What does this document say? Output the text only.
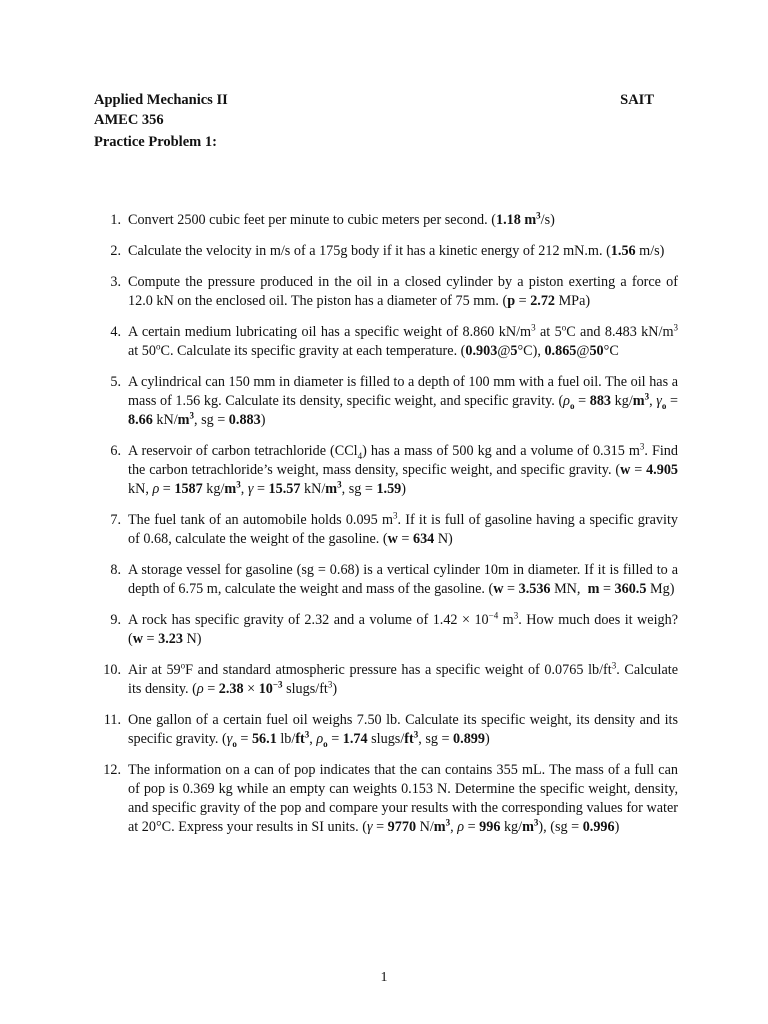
Applied Mechanics II	SAIT
AMEC 356
Practice Problem 1:
1. Convert 2500 cubic feet per minute to cubic meters per second. (1.18 $m^3/s$)
2. Calculate the velocity in m/s of a 175g body if it has a kinetic energy of 212 mN.m. (1.56 m/s)
3. Compute the pressure produced in the oil in a closed cylinder by a piston exerting a force of 12.0 kN on the enclosed oil. The piston has a diameter of 75 mm. (p = 2.72 MPa)
4. A certain medium lubricating oil has a specific weight of 8.860 $kN/m^3$ at 5$^o$C and 8.483 $kN/m^3$ at 50$^o$C. Calculate its specific gravity at each temperature. (0.903@5°C), 0.865@50°C
5. A cylindrical can 150 mm in diameter is filled to a depth of 100 mm with a fuel oil. The oil has a mass of 1.56 kg. Calculate its density, specific weight, and specific gravity. ($\rho_o = 883$ $kg/m^3$, $\gamma_o = 8.66$ $kN/m^3$, sg = 0.883)
6. A reservoir of carbon tetrachloride (CCl$_4$) has a mass of 500 kg and a volume of 0.315 $m^3$. Find the carbon tetrachloride’s weight, mass density, specific weight, and specific gravity. (w = 4.905 kN, ρ = 1587 $kg/m^3$, γ = 15.57 $kN/m^3$, sg = 1.59)
7. The fuel tank of an automobile holds 0.095 $m^3$. If it is full of gasoline having a specific gravity of 0.68, calculate the weight of the gasoline. (w = 634 N)
8. A storage vessel for gasoline (sg = 0.68) is a vertical cylinder 10m in diameter. If it is filled to a depth of 6.75 m, calculate the weight and mass of the gasoline. (w = 3.536 MN,  m = 360.5 Mg)
9. A rock has specific gravity of 2.32 and a volume of $1.42 \times 10^{-4}$ $m^3$. How much does it weigh? (w = 3.23 N)
10. Air at 59$^o$F and standard atmospheric pressure has a specific weight of 0.0765 $lb/ft^3$. Calculate its density. ($\rho = 2.38 \times 10^{-3}$ slugs/$ft^3$)
11. One gallon of a certain fuel oil weighs 7.50 lb. Calculate its specific weight, its density and its specific gravity. ($\gamma_o = 56.1$ $lb/ft^3$, $\rho_o = 1.74$ slugs/$ft^3$, sg = 0.899)
12. The information on a can of pop indicates that the can contains 355 mL. The mass of a full can of pop is 0.369 kg while an empty can weights 0.153 N. Determine the specific weight, density, and specific gravity of the pop and compare your results with the corresponding values for water at 20°C. Express your results in SI units. (γ = 9770 $N/m^3$, ρ = 996 $kg/m^3$), (sg = 0.996)
1
